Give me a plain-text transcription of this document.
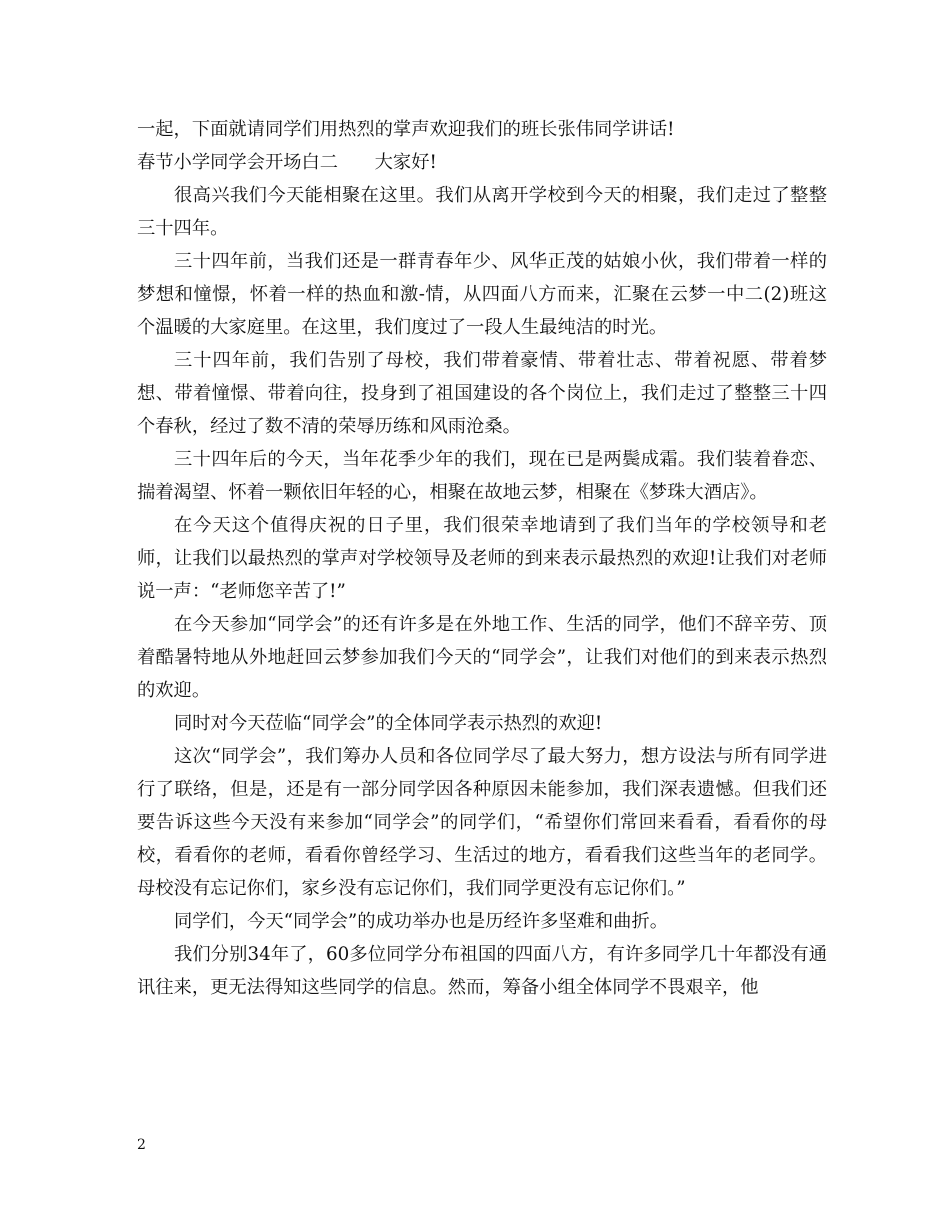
一起，下面就请同学们用热烈的掌声欢迎我们的班长张伟同学讲话!

春节小学同学会开场白二　　大家好!

很高兴我们今天能相聚在这里。我们从离开学校到今天的相聚，我们走过了整整三十四年。

三十四年前，当我们还是一群青春年少、风华正茂的姑娘小伙，我们带着一样的梦想和憧憬，怀着一样的热血和激-情，从四面八方而来，汇聚在云梦一中二(2)班这个温暖的大家庭里。在这里，我们度过了一段人生最纯洁的时光。

三十四年前，我们告别了母校，我们带着豪情、带着壮志、带着祝愿、带着梦想、带着憧憬、带着向往，投身到了祖国建设的各个岗位上，我们走过了整整三十四个春秋，经过了数不清的荣辱历练和风雨沧桑。

三十四年后的今天，当年花季少年的我们，现在已是两鬓成霜。我们装着眷恋、揣着渴望、怀着一颗依旧年轻的心，相聚在故地云梦，相聚在《梦珠大酒店》。

在今天这个值得庆祝的日子里，我们很荣幸地请到了我们当年的学校领导和老师，让我们以最热烈的掌声对学校领导及老师的到来表示最热烈的欢迎!让我们对老师说一声：“老师您辛苦了!”

在今天参加“同学会”的还有许多是在外地工作、生活的同学，他们不辞辛劳、顶着酷暑特地从外地赶回云梦参加我们今天的“同学会”，让我们对他们的到来表示热烈的欢迎。

同时对今天莅临“同学会”的全体同学表示热烈的欢迎!

这次“同学会”，我们筹办人员和各位同学尽了最大努力，想方设法与所有同学进行了联络，但是，还是有一部分同学因各种原因未能参加，我们深表遗憾。但我们还要告诉这些今天没有来参加“同学会”的同学们，“希望你们常回来看看，看看你的母校，看看你的老师，看看你曾经学习、生活过的地方，看看我们这些当年的老同学。母校没有忘记你们，家乡没有忘记你们，我们同学更没有忘记你们。”

同学们，今天“同学会”的成功举办也是历经许多坚难和曲折。

我们分别34年了，60多位同学分布祖国的四面八方，有许多同学几十年都没有通讯往来，更无法得知这些同学的信息。然而，筹备小组全体同学不畏艰辛，他

2
